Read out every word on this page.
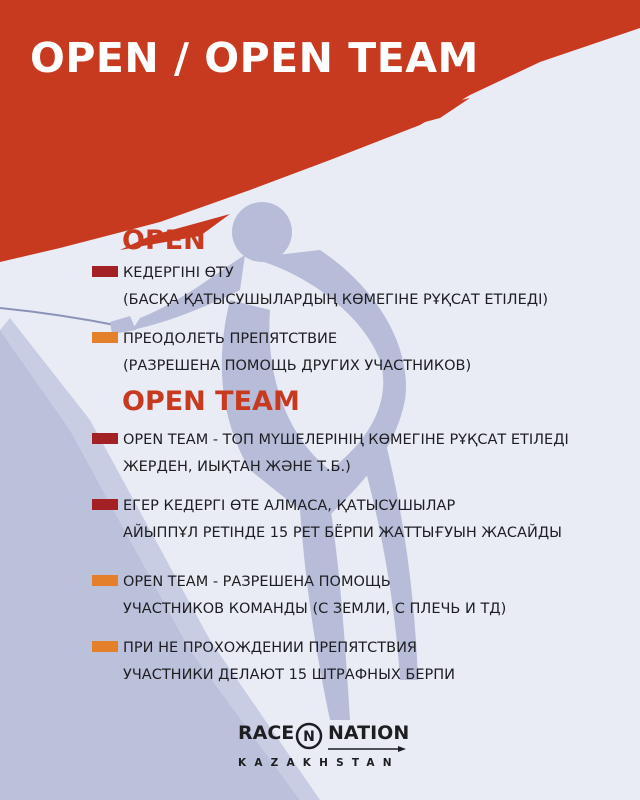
OPEN / OPEN TEAM
OPEN
КЕДЕРГІНІ ӨТУ
(БАСҚА ҚАТЫСУШЫЛАРДЫҢ КӨМЕГІНЕ РҰҚСАТ ЕТІЛЕДІ)
ПРЕОДОЛЕТЬ ПРЕПЯТСТВИЕ
(РАЗРЕШЕНА ПОМОЩЬ ДРУГИХ УЧАСТНИКОВ)
OPEN TEAM
OPEN TEAM - ТОП МҮШЕЛЕРІНІҢ КӨМЕГІНЕ РҰҚСАТ ЕТІЛЕДІ
ЖЕРДЕН, ИЫҚТАН ЖӘНЕ Т.Б.)
ЕГЕР КЕДЕРГІ ӨТЕ АЛМАСА, ҚАТЫСУШЫЛАР
АЙЫППҰЛ РЕТІНДЕ 15 РЕТ БЁРПИ ЖАТТЫҒУЫН ЖАСАЙДЫ
OPEN TEAM - РАЗРЕШЕНА ПОМОЩЬ
УЧАСТНИКОВ КОМАНДЫ (С ЗЕМЛИ, С ПЛЕЧЬ И ТД)
ПРИ НЕ ПРОХОЖДЕНИИ ПРЕПЯТСТВИЯ
УЧАСТНИКИ ДЕЛАЮТ 15 ШТРАФНЫХ БЕРПИ
RACE N NATION
KAZAKHSTAN
